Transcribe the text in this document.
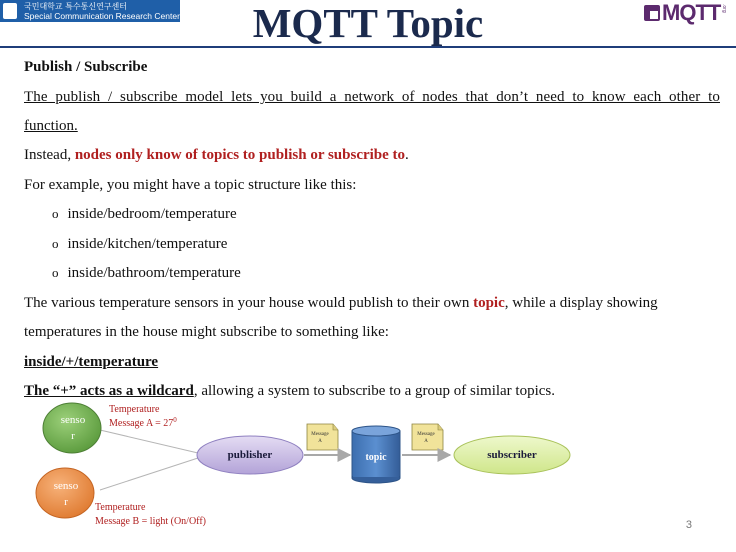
국민대학교 특수통신연구센터
Special Communication Research Center	MQTT Topic	MQTT .org
Publish / Subscribe
The publish / subscribe model lets you build a network of nodes that don’t need to know each other to
function.
Instead, nodes only know of topics to publish or subscribe to.
For example, you might have a topic structure like this:
o inside/bedroom/temperature
o inside/kitchen/temperature
o inside/bathroom/temperature
The various temperature sensors in your house would publish to their own topic, while a display showing
temperatures in the house might subscribe to something like:
inside/+/temperature
The “+” acts as a wildcard, allowing a system to subscribe to a group of similar topics.
senso
r
senso
r
Temperature
Message $A = 27^0$
Temperature
Message B = light (On/Off)
publisher
Message
A
topic
Message
A
subscriber
3
